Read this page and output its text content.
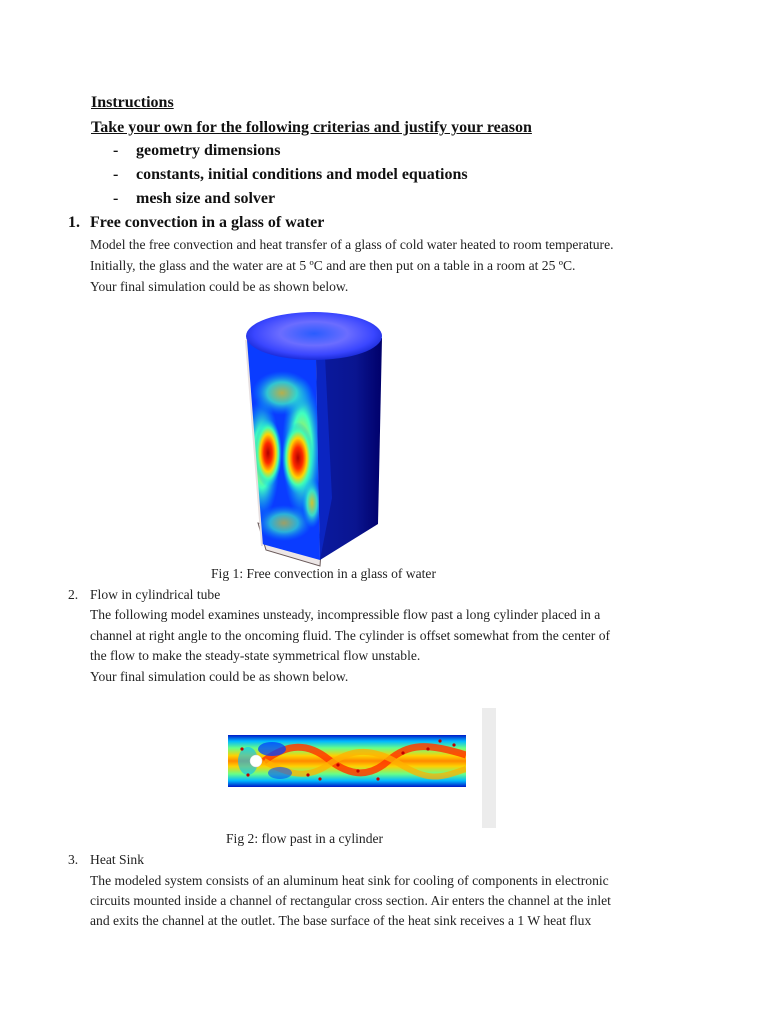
Instructions
Take your own for the following criterias and justify your reason
- geometry dimensions
- constants, initial conditions and model equations
- mesh size and solver
1. Free convection in a glass of water
Model the free convection and heat transfer of a glass of cold water heated to room temperature.
Initially, the glass and the water are at 5 ºC and are then put on a table in a room at 25 ºC.
Your final simulation could be as shown below.
Fig 1: Free convection in a glass of water
2. Flow in cylindrical tube
The following model examines unsteady, incompressible flow past a long cylinder placed in a
channel at right angle to the oncoming fluid. The cylinder is offset somewhat from the center of
the flow to make the steady-state symmetrical flow unstable.
Your final simulation could be as shown below.
Fig 2: flow past in a cylinder
3. Heat Sink
The modeled system consists of an aluminum heat sink for cooling of components in electronic
circuits mounted inside a channel of rectangular cross section. Air enters the channel at the inlet
and exits the channel at the outlet. The base surface of the heat sink receives a 1 W heat flux
